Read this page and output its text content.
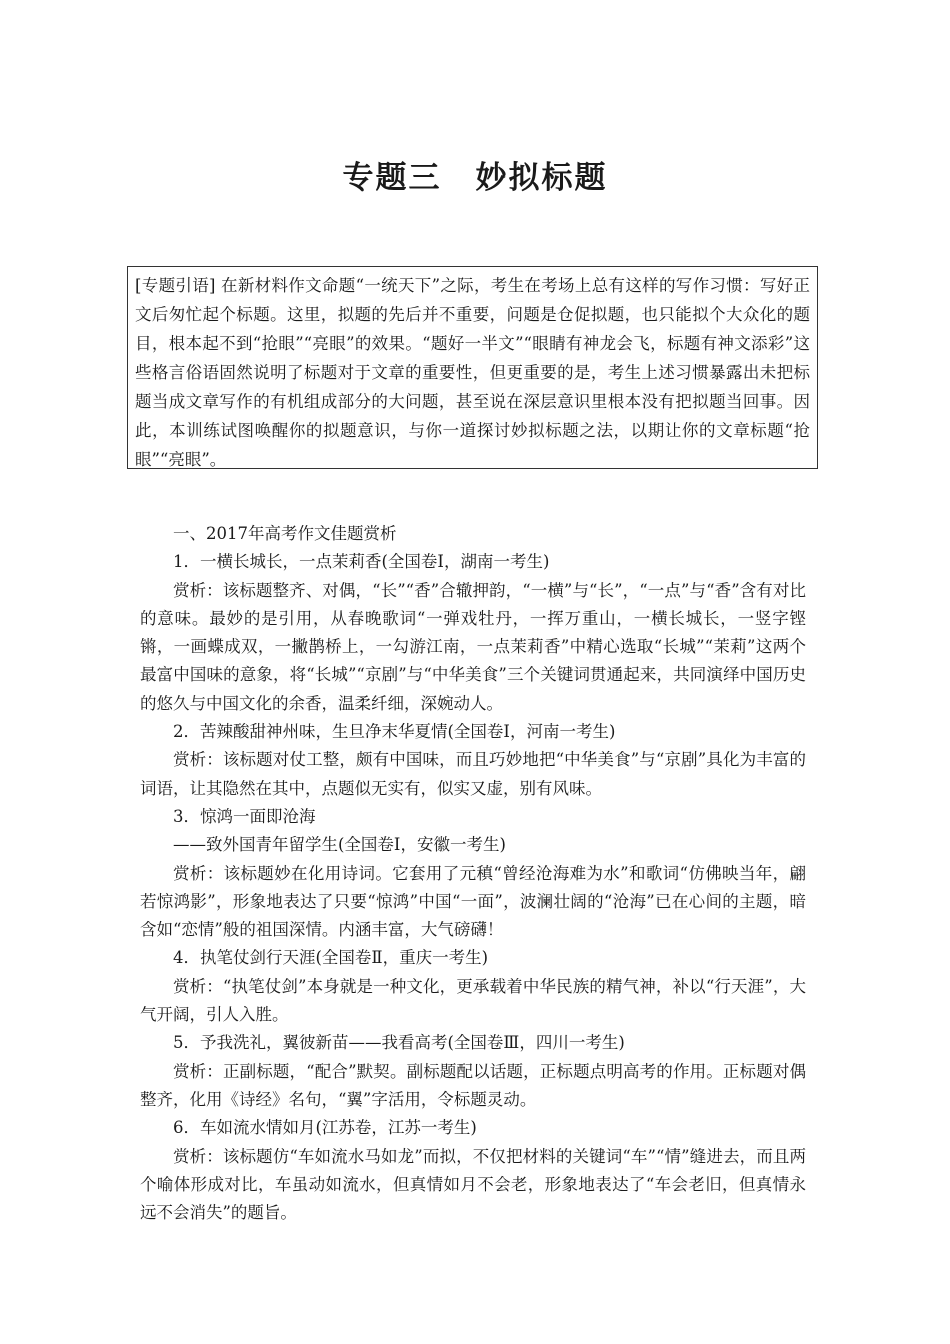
专题三 妙拟标题

[专题引语] 在新材料作文命题“一统天下”之际，考生在考场上总有这样的写作习惯：写好正文后匆忙起个标题。这里，拟题的先后并不重要，问题是仓促拟题，也只能拟个大众化的题目，根本起不到“抢眼”“亮眼”的效果。“题好一半文”“眼睛有神龙会飞，标题有神文添彩”这些格言俗语固然说明了标题对于文章的重要性，但更重要的是，考生上述习惯暴露出未把标题当成文章写作的有机组成部分的大问题，甚至说在深层意识里根本没有把拟题当回事。因此，本训练试图唤醒你的拟题意识，与你一道探讨妙拟标题之法，以期让你的文章标题“抢眼”“亮眼”。

一、2017年高考作文佳题赏析

1．一横长城长，一点茉莉香(全国卷Ⅰ，湖南一考生)

赏析：该标题整齐、对偶，“长”“香”合辙押韵，“一横”与“长”，“一点”与“香”含有对比的意味。最妙的是引用，从春晚歌词“一弹戏牡丹，一挥万重山，一横长城长，一竖字铿锵，一画蝶成双，一撇鹊桥上，一勾游江南，一点茉莉香”中精心选取“长城”“茉莉”这两个最富中国味的意象，将“长城”“京剧”与“中华美食”三个关键词贯通起来，共同演绎中国历史的悠久与中国文化的余香，温柔纤细，深婉动人。

2．苦辣酸甜神州味，生旦净末华夏情(全国卷Ⅰ，河南一考生)

赏析：该标题对仗工整，颇有中国味，而且巧妙地把“中华美食”与“京剧”具化为丰富的词语，让其隐然在其中，点题似无实有，似实又虚，别有风味。

3．惊鸿一面即沧海

——致外国青年留学生(全国卷Ⅰ，安徽一考生)

赏析：该标题妙在化用诗词。它套用了元稹“曾经沧海难为水”和歌词“仿佛映当年，翩若惊鸿影”，形象地表达了只要“惊鸿”中国“一面”，波澜壮阔的“沧海”已在心间的主题，暗含如“恋情”般的祖国深情。内涵丰富，大气磅礴！

4．执笔仗剑行天涯(全国卷Ⅱ，重庆一考生)

赏析：“执笔仗剑”本身就是一种文化，更承载着中华民族的精气神，补以“行天涯”，大气开阔，引人入胜。

5．予我洗礼，翼彼新苗——我看高考(全国卷Ⅲ，四川一考生)

赏析：正副标题，“配合”默契。副标题配以话题，正标题点明高考的作用。正标题对偶整齐，化用《诗经》名句，“翼”字活用，令标题灵动。

6．车如流水情如月(江苏卷，江苏一考生)

赏析：该标题仿“车如流水马如龙”而拟，不仅把材料的关键词“车”“情”缝进去，而且两个喻体形成对比，车虽动如流水，但真情如月不会老，形象地表达了“车会老旧，但真情永远不会消失”的题旨。
